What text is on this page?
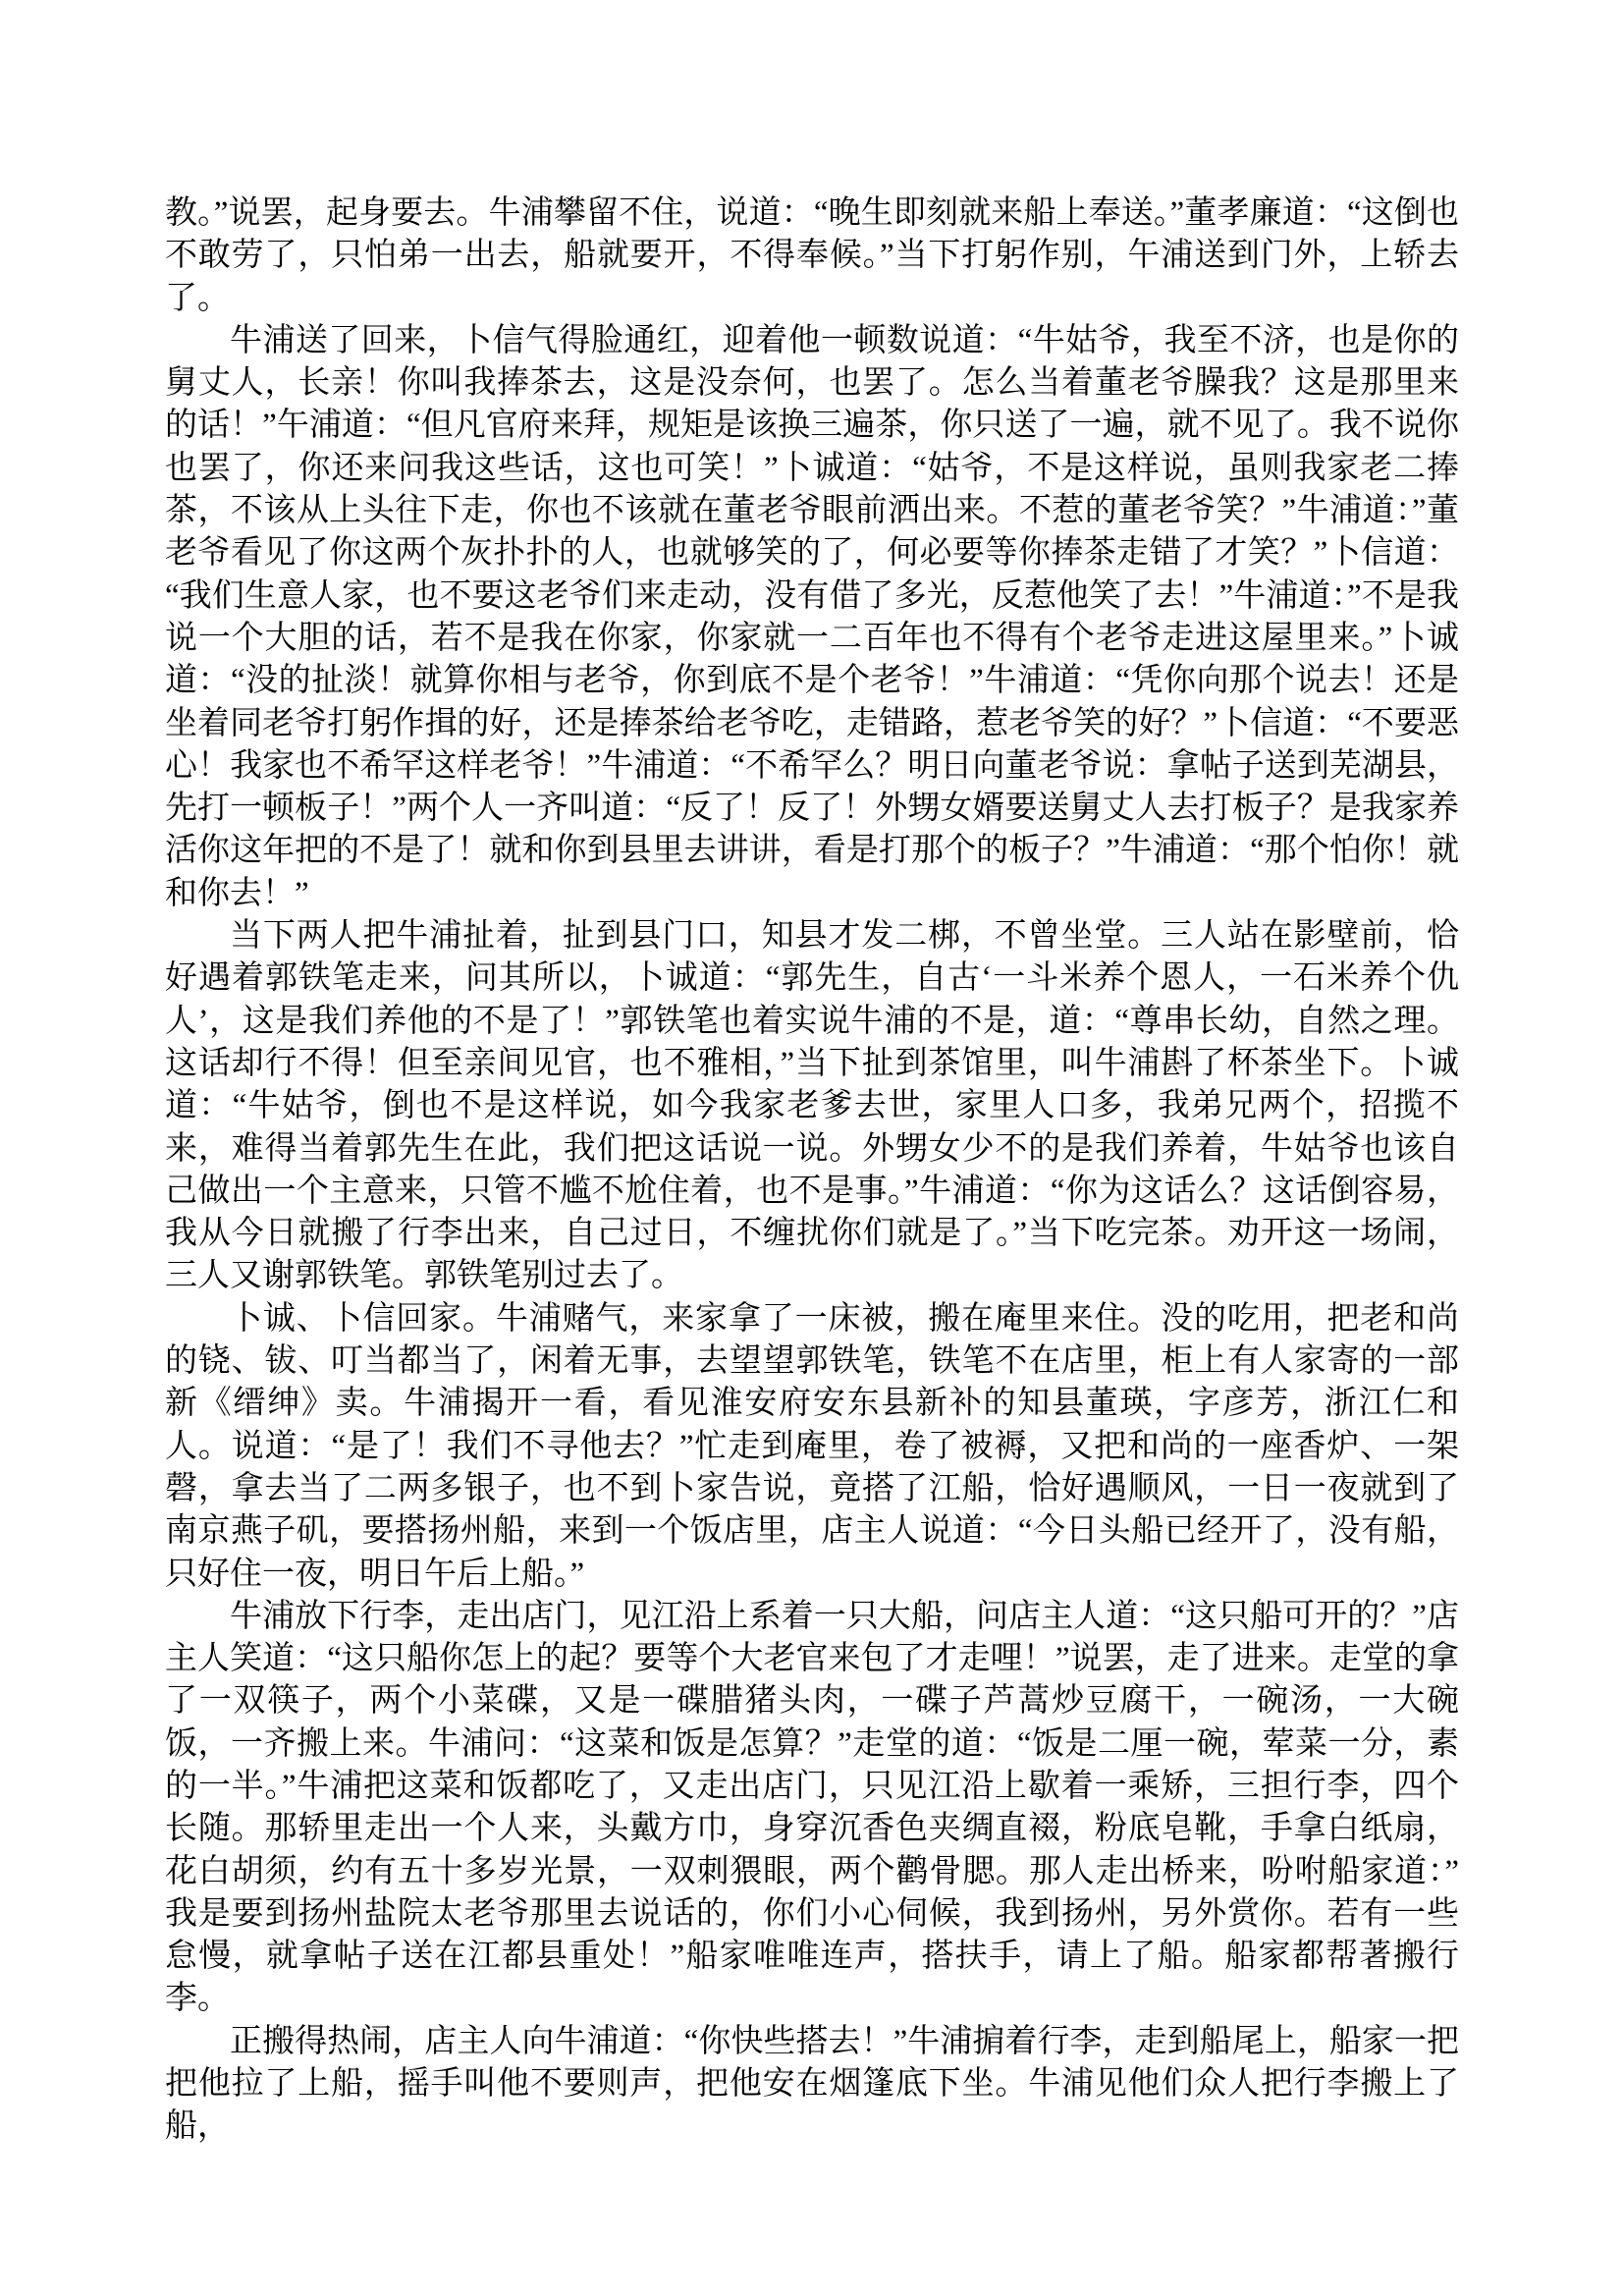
教。”说罢，起身要去。牛浦攀留不住，说道：“晚生即刻就来船上奉送。”董孝廉道：“这倒也不敢劳了，只怕弟一出去，船就要开，不得奉候。”当下打躬作别，午浦送到门外，上轿去了。

牛浦送了回来，卜信气得脸通红，迎着他一顿数说道：“牛姑爷，我至不济，也是你的舅丈人，长亲！你叫我捧茶去，这是没奈何，也罢了。怎么当着董老爷臊我？这是那里来的话！”午浦道：“但凡官府来拜，规矩是该换三遍茶，你只送了一遍，就不见了。我不说你也罢了，你还来问我这些话，这也可笑！”卜诚道：“姑爷，不是这样说，虽则我家老二捧茶，不该从上头往下走，你也不该就在董老爷眼前洒出来。不惹的董老爷笑？”牛浦道：”董老爷看见了你这两个灰扑扑的人，也就够笑的了，何必要等你捧茶走错了才笑？”卜信道：“我们生意人家，也不要这老爷们来走动，没有借了多光，反惹他笑了去！”牛浦道：”不是我说一个大胆的话，若不是我在你家，你家就一二百年也不得有个老爷走进这屋里来。”卜诚道：“没的扯淡！就算你相与老爷，你到底不是个老爷！”牛浦道：“凭你向那个说去！还是坐着同老爷打躬作揖的好，还是捧茶给老爷吃，走错路，惹老爷笑的好？”卜信道：“不要恶心！我家也不希罕这样老爷！”牛浦道：“不希罕么？明日向董老爷说：拿帖子送到芜湖县，先打一顿板子！”两个人一齐叫道：“反了！反了！外甥女婿要送舅丈人去打板子？是我家养活你这年把的不是了！就和你到县里去讲讲，看是打那个的板子？”牛浦道：“那个怕你！就和你去！”

当下两人把牛浦扯着，扯到县门口，知县才发二梆，不曾坐堂。三人站在影壁前，恰好遇着郭铁笔走来，问其所以，卜诚道：“郭先生，自古‘一斗米养个恩人，一石米养个仇人’，这是我们养他的不是了！”郭铁笔也着实说牛浦的不是，道：“尊串长幼，自然之理。这话却行不得！但至亲间见官，也不雅相，”当下扯到茶馆里，叫牛浦斟了杯茶坐下。卜诚道：“牛姑爷，倒也不是这样说，如今我家老爹去世，家里人口多，我弟兄两个，招揽不来，难得当着郭先生在此，我们把这话说一说。外甥女少不的是我们养着，牛姑爷也该自己做出一个主意来，只管不尴不尬住着，也不是事。”牛浦道：“你为这话么？这话倒容易，我从今日就搬了行李出来，自己过日，不缠扰你们就是了。”当下吃完茶。劝开这一场闹，三人又谢郭铁笔。郭铁笔别过去了。

卜诚、卜信回家。牛浦赌气，来家拿了一床被，搬在庵里来住。没的吃用，把老和尚的铙、钹、叮当都当了，闲着无事，去望望郭铁笔，铁笔不在店里，柜上有人家寄的一部新《缙绅》卖。牛浦揭开一看，看见淮安府安东县新补的知县董瑛，字彦芳，浙江仁和人。说道：“是了！我们不寻他去？”忙走到庵里，卷了被褥，又把和尚的一座香炉、一架磬，拿去当了二两多银子，也不到卜家告说，竟搭了江船，恰好遇顺风，一日一夜就到了南京燕子矶，要搭扬州船，来到一个饭店里，店主人说道：“今日头船已经开了，没有船，只好住一夜，明日午后上船。”

牛浦放下行李，走出店门，见江沿上系着一只大船，问店主人道：“这只船可开的？”店主人笑道：“这只船你怎上的起？要等个大老官来包了才走哩！”说罢，走了进来。走堂的拿了一双筷子，两个小菜碟，又是一碟腊猪头肉，一碟子芦蒿炒豆腐干，一碗汤，一大碗饭，一齐搬上来。牛浦问：“这菜和饭是怎算？”走堂的道：“饭是二厘一碗，荤菜一分，素的一半。”牛浦把这菜和饭都吃了，又走出店门，只见江沿上歇着一乘矫，三担行李，四个长随。那轿里走出一个人来，头戴方巾，身穿沉香色夹绸直裰，粉底皂靴，手拿白纸扇，花白胡须，约有五十多岁光景，一双刺猥眼，两个鹳骨腮。那人走出桥来，吩咐船家道：”我是要到扬州盐院太老爷那里去说话的，你们小心伺候，我到扬州，另外赏你。若有一些怠慢，就拿帖子送在江都县重处！”船家唯唯连声，搭扶手，请上了船。船家都帮著搬行李。

正搬得热闹，店主人向牛浦道：“你快些搭去！”牛浦掮着行李，走到船尾上，船家一把把他拉了上船，摇手叫他不要则声，把他安在烟篷底下坐。牛浦见他们众人把行李搬上了船，
